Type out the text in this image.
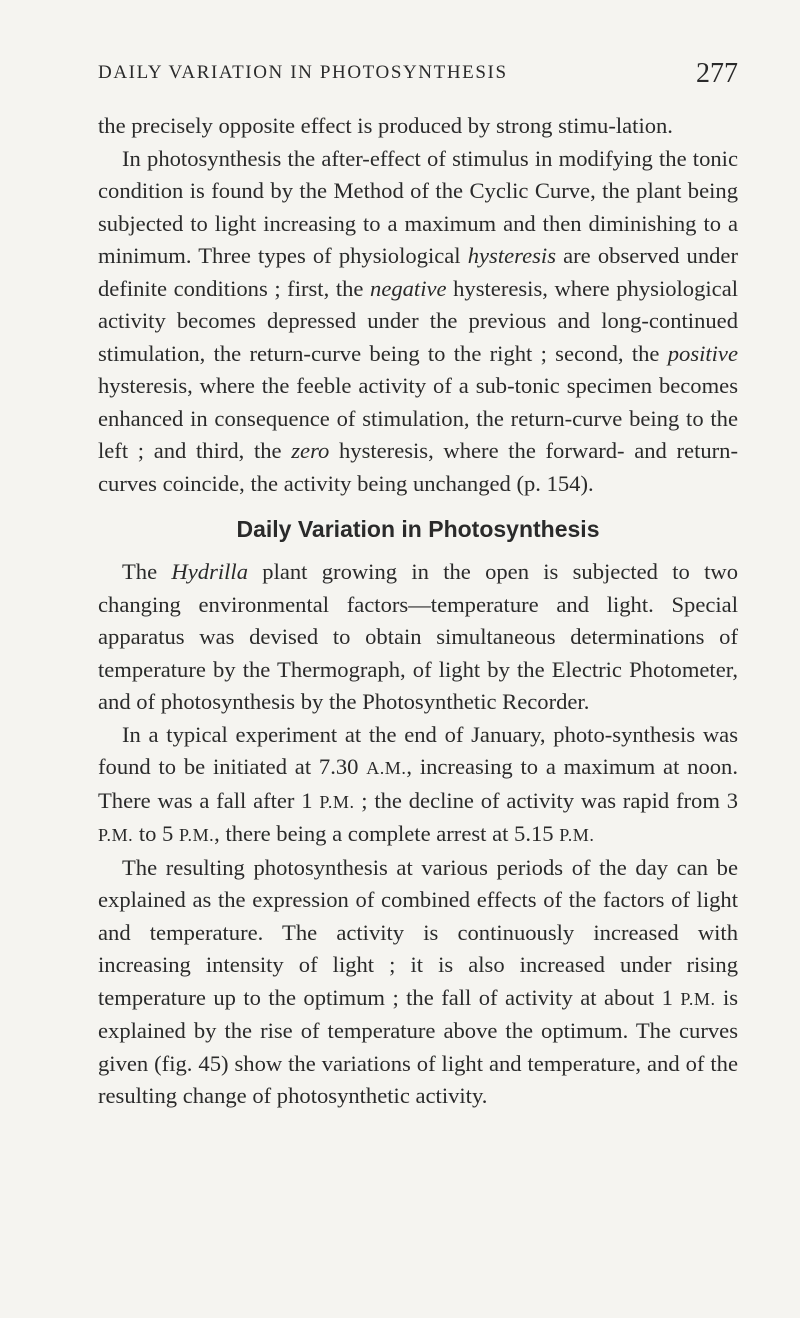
DAILY VARIATION IN PHOTOSYNTHESIS	277

the precisely opposite effect is produced by strong stimu-lation.

In photosynthesis the after-effect of stimulus in modifying the tonic condition is found by the Method of the Cyclic Curve, the plant being subjected to light increasing to a maximum and then diminishing to a minimum. Three types of physiological hysteresis are observed under definite conditions ; first, the negative hysteresis, where physiological activity becomes depressed under the previous and long-continued stimulation, the return-curve being to the right ; second, the positive hysteresis, where the feeble activity of a sub-tonic specimen becomes enhanced in consequence of stimulation, the return-curve being to the left ; and third, the zero hysteresis, where the forward- and return-curves coincide, the activity being unchanged (p. 154).

Daily Variation in Photosynthesis

The Hydrilla plant growing in the open is subjected to two changing environmental factors—temperature and light. Special apparatus was devised to obtain simultaneous determinations of temperature by the Thermograph, of light by the Electric Photometer, and of photosynthesis by the Photosynthetic Recorder.

In a typical experiment at the end of January, photo-synthesis was found to be initiated at 7.30 A.M., increasing to a maximum at noon. There was a fall after 1 P.M. ; the decline of activity was rapid from 3 P.M. to 5 P.M., there being a complete arrest at 5.15 P.M.

The resulting photosynthesis at various periods of the day can be explained as the expression of combined effects of the factors of light and temperature. The activity is continuously increased with increasing intensity of light ; it is also increased under rising temperature up to the optimum ; the fall of activity at about 1 P.M. is explained by the rise of temperature above the optimum. The curves given (fig. 45) show the variations of light and temperature, and of the resulting change of photosynthetic activity.
